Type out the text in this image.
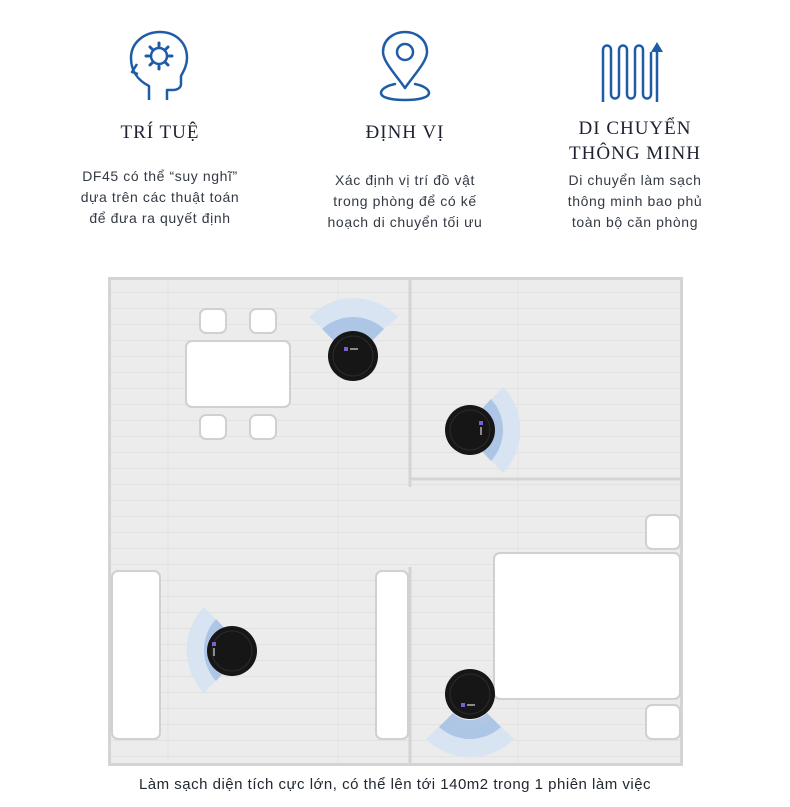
TRÍ TUỆ
DF45 có thể “suy nghĩ”
dựa trên các thuật toán
để đưa ra quyết định
ĐỊNH VỊ
Xác định vị trí đồ vật
trong phòng để có kế
hoạch di chuyển tối ưu
DI CHUYỂN
THÔNG MINH
Di chuyển làm sạch
thông minh bao phủ
toàn bộ căn phòng
Làm sạch diện tích cực lớn, có thể lên tới 140m2 trong 1 phiên làm việc
